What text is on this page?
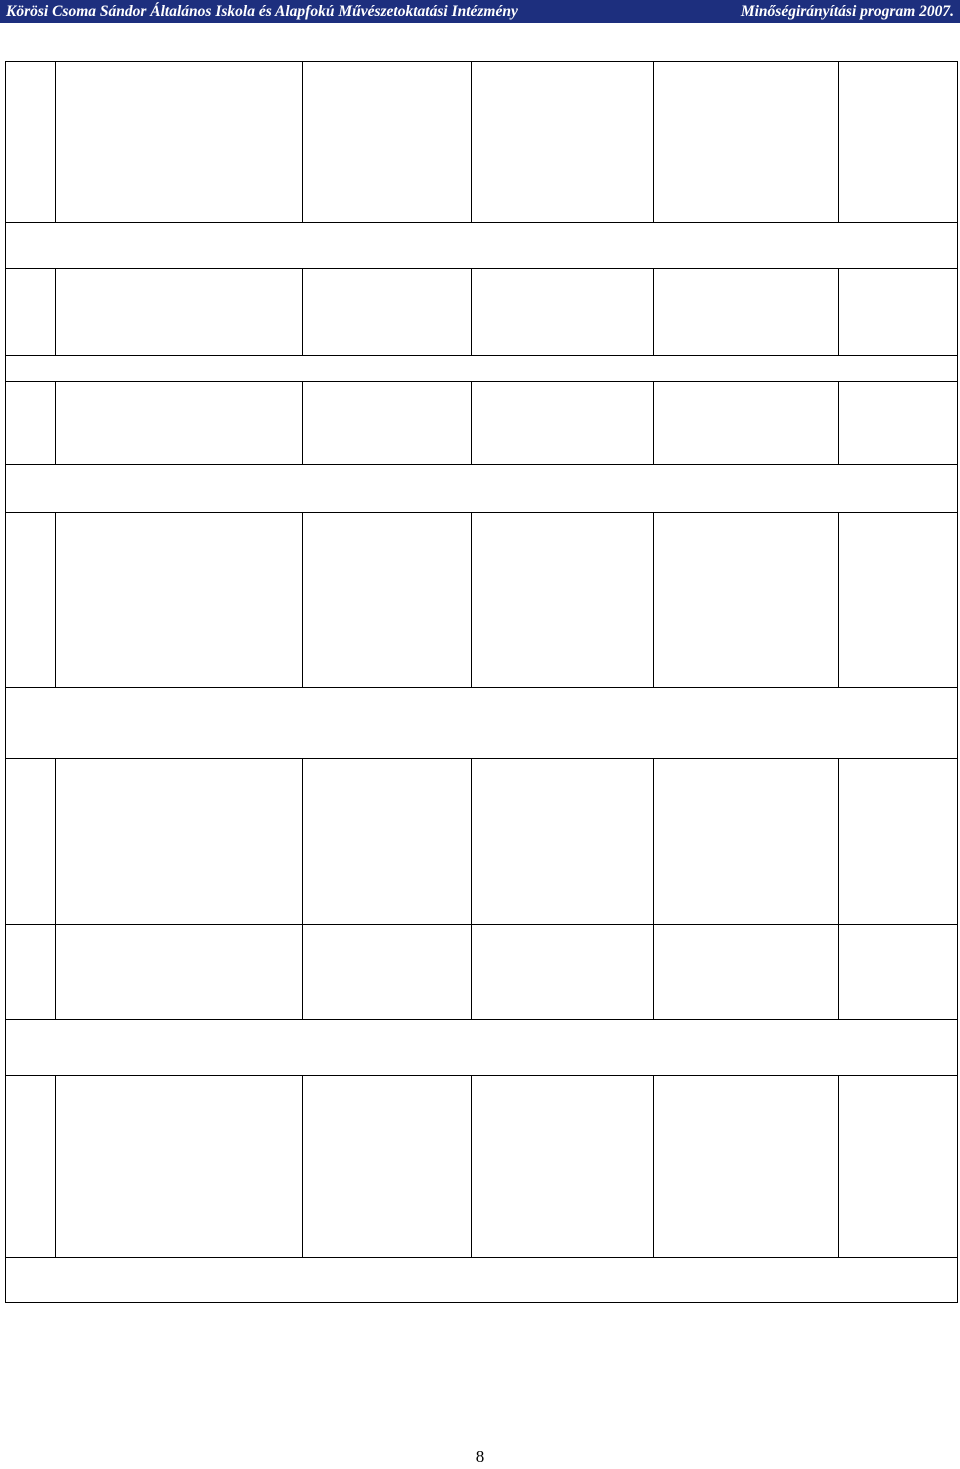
Körösi Csoma Sándor Általános Iskola és Alapfokú Művészetoktatási Intézmény	Minőségirányítási program 2007.
8
